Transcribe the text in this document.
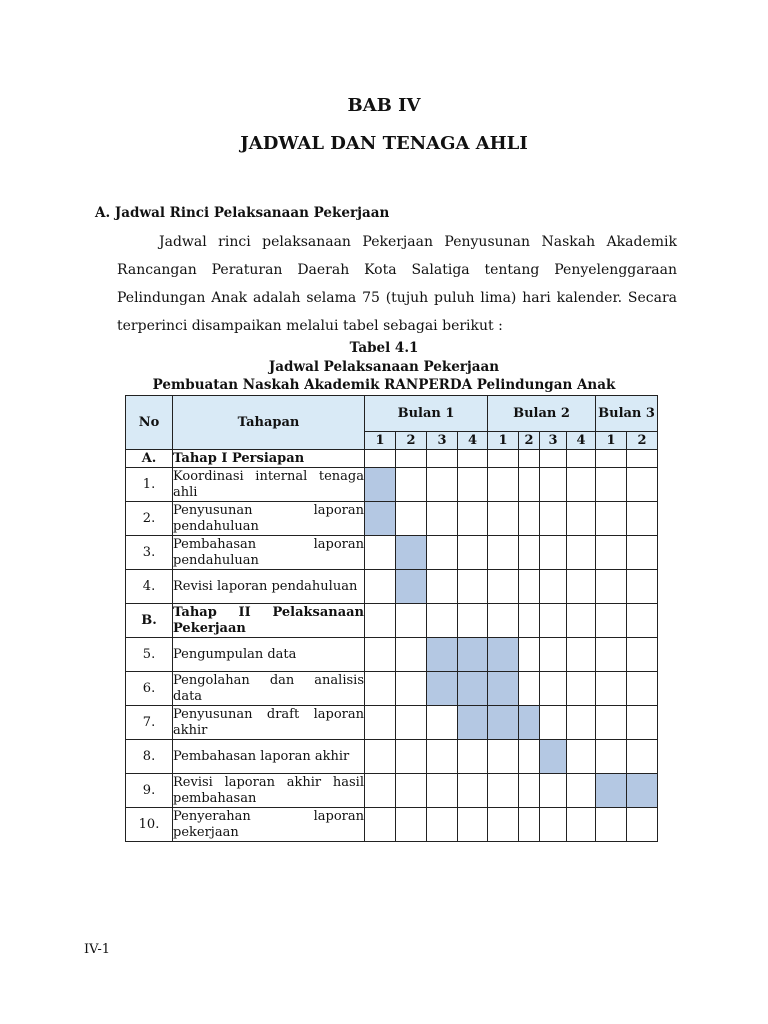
BAB IV
JADWAL DAN TENAGA AHLI
A. Jadwal Rinci Pelaksanaan Pekerjaan

Jadwal rinci pelaksanaan Pekerjaan Penyusunan Naskah Akademik Rancangan Peraturan Daerah Kota Salatiga tentang Penyelenggaraan Pelindungan Anak adalah selama 75 (tujuh puluh lima) hari kalender. Secara terperinci disampaikan melalui tabel sebagai berikut :

Tabel 4.1
Jadwal Pelaksanaan Pekerjaan
Pembuatan Naskah Akademik RANPERDA Pelindungan Anak
No	Tahapan	Bulan 1				Bulan 2				Bulan 3	
		1	2	3	4	1	2	3	4	1	2
A.	Tahap I Persiapan										

1.	Koordinasi internal tenaga ahli										

2.	Penyusunan laporan pendahuluan										

3.	Pembahasan laporan pendahuluan										

4.	Revisi laporan pendahuluan										

B.	Tahap II Pelaksanaan Pekerjaan										

5.	Pengumpulan data										

6.	Pengolahan dan analisis data										

7.	Penyusunan draft laporan akhir										

8.	Pembahasan laporan akhir										

9.	Revisi laporan akhir hasil pembahasan										

10.	Penyerahan laporan pekerjaan										

IV-1
